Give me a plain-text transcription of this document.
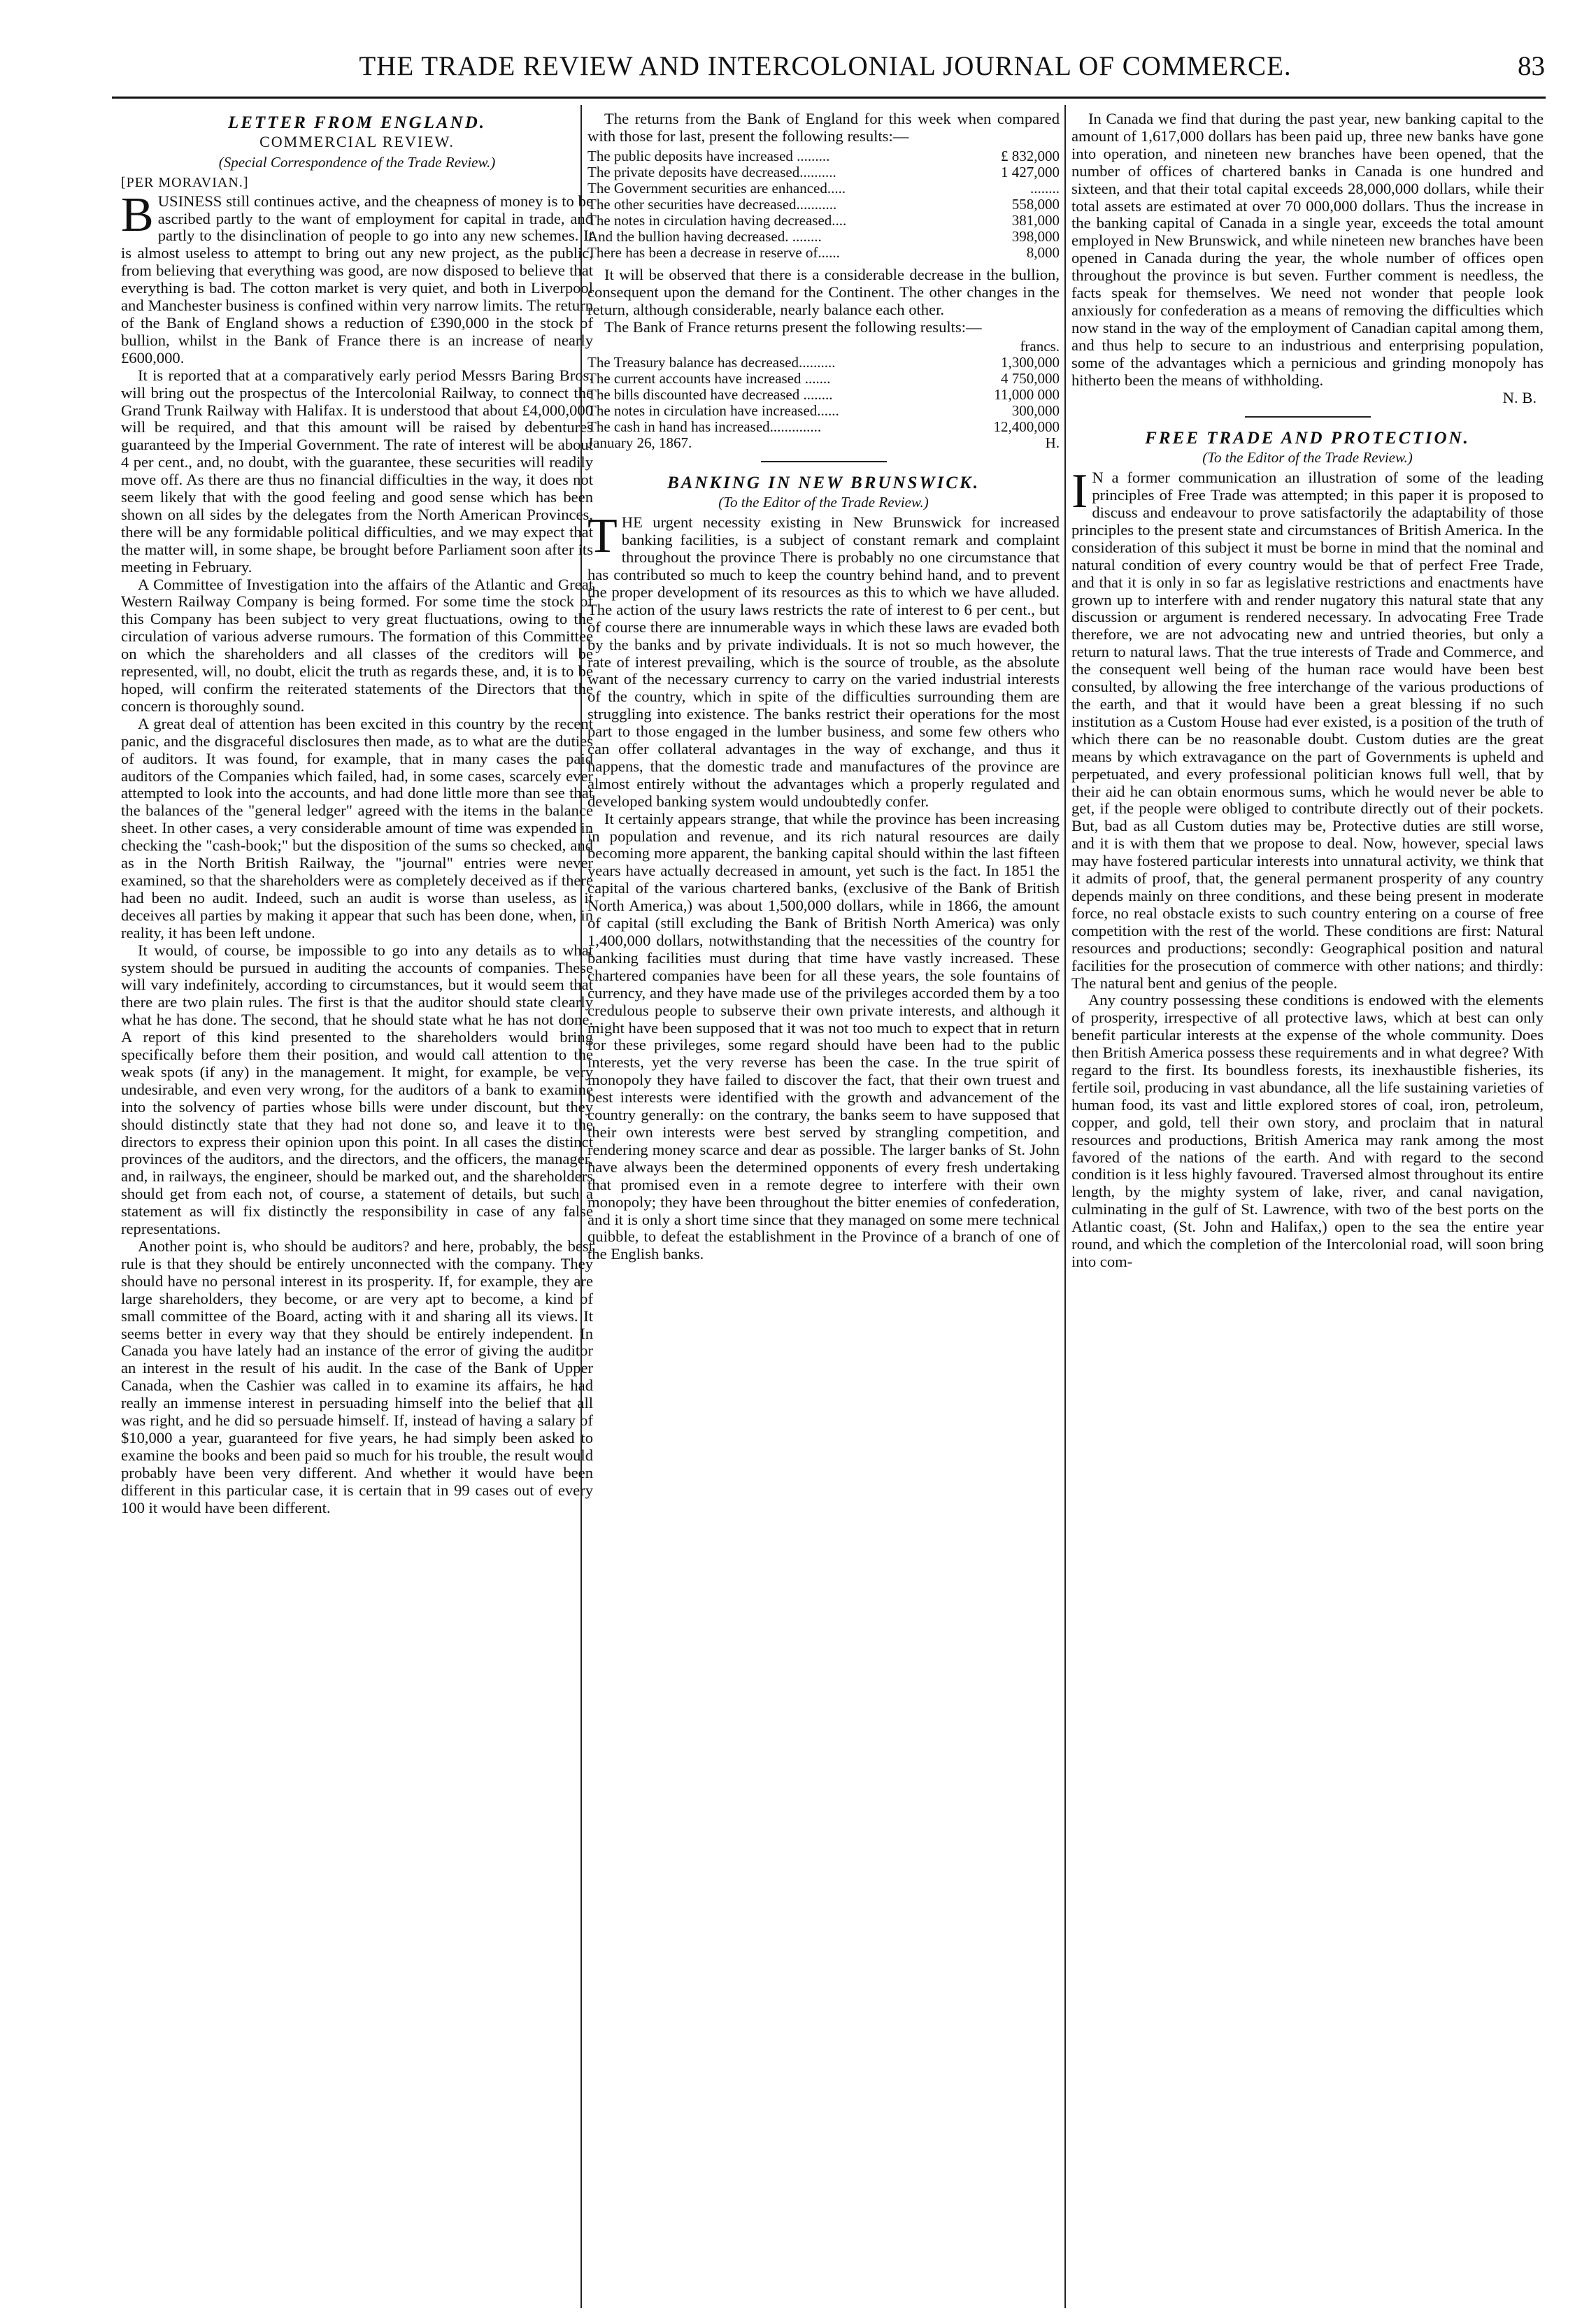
THE TRADE REVIEW AND INTERCOLONIAL JOURNAL OF COMMERCE.	83
LETTER FROM ENGLAND.
COMMERCIAL REVIEW.
(Special Correspondence of the Trade Review.)
[PER MORAVIAN.]

BUSINESS still continues active, and the cheapness of money is to be ascribed partly to the want of employment for capital in trade, and partly to the disinclination of people to go into any new schemes. It is almost useless to attempt to bring out any new project, as the public, from believing that everything was good, are now disposed to believe that everything is bad. The cotton market is very quiet, and both in Liverpool and Manchester business is confined within very narrow limits. The return of the Bank of England shows a reduction of £390,000 in the stock of bullion, whilst in the Bank of France there is an increase of nearly £600,000.

It is reported that at a comparatively early period Messrs Baring Bros. will bring out the prospectus of the Intercolonial Railway, to connect the Grand Trunk Railway with Halifax. It is understood that about £4,000,000 will be required, and that this amount will be raised by debentures guaranteed by the Imperial Government. The rate of interest will be about 4 per cent., and, no doubt, with the guarantee, these securities will readily move off. As there are thus no financial difficulties in the way, it does not seem likely that with the good feeling and good sense which has been shown on all sides by the delegates from the North American Provinces, there will be any formidable political difficulties, and we may expect that the matter will, in some shape, be brought before Parliament soon after its meeting in February.

A Committee of Investigation into the affairs of the Atlantic and Great Western Railway Company is being formed. For some time the stock of this Company has been subject to very great fluctuations, owing to the circulation of various adverse rumours. The formation of this Committee on which the shareholders and all classes of the creditors will be represented, will, no doubt, elicit the truth as regards these, and, it is to be hoped, will confirm the reiterated statements of the Directors that the concern is thoroughly sound.

A great deal of attention has been excited in this country by the recent panic, and the disgraceful disclosures then made, as to what are the duties of auditors. It was found, for example, that in many cases the paid auditors of the Companies which failed, had, in some cases, scarcely ever attempted to look into the accounts, and had done little more than see that the balances of the "general ledger" agreed with the items in the balance sheet. In other cases, a very considerable amount of time was expended in checking the "cash-book;" but the disposition of the sums so checked, and as in the North British Railway, the "journal" entries were never examined, so that the shareholders were as completely deceived as if there had been no audit. Indeed, such an audit is worse than useless, as it deceives all parties by making it appear that such has been done, when, in reality, it has been left undone.

It would, of course, be impossible to go into any details as to what system should be pursued in auditing the accounts of companies. These will vary indefinitely, according to circumstances, but it would seem that there are two plain rules. The first is that the auditor should state clearly what he has done. The second, that he should state what he has not done. A report of this kind presented to the shareholders would bring specifically before them their position, and would call attention to the weak spots (if any) in the management. It might, for example, be very undesirable, and even very wrong, for the auditors of a bank to examine into the solvency of parties whose bills were under discount, but they should distinctly state that they had not done so, and leave it to the directors to express their opinion upon this point. In all cases the distinct provinces of the auditors, and the directors, and the officers, the manager, and, in railways, the engineer, should be marked out, and the shareholders should get from each not, of course, a statement of details, but such a statement as will fix distinctly the responsibility in case of any false representations.

Another point is, who should be auditors? and here, probably, the best rule is that they should be entirely unconnected with the company. They should have no personal interest in its prosperity. If, for example, they are large shareholders, they become, or are very apt to become, a kind of small committee of the Board, acting with it and sharing all its views. It seems better in every way that they should be entirely independent. In Canada you have lately had an instance of the error of giving the auditor an interest in the result of his audit. In the case of the Bank of Upper Canada, when the Cashier was called in to examine its affairs, he had really an immense interest in persuading himself into the belief that all was right, and he did so persuade himself. If, instead of having a salary of $10,000 a year, guaranteed for five years, he had simply been asked to examine the books and been paid so much for his trouble, the result would probably have been very different. And whether it would have been different in this particular case, it is certain that in 99 cases out of every 100 it would have been different.

The returns from the Bank of England for this week when compared with those for last, present the following results:—

The public deposits have increased .........	£ 832,000
The private deposits have decreased..........	1 427,000
The Government securities are enhanced.....	........
The other securities have decreased...........	558,000
The notes in circulation having decreased....	381,000
And the bullion having decreased. ........	398,000
There has been a decrease in reserve of......	8,000

It will be observed that there is a considerable decrease in the bullion, consequent upon the demand for the Continent. The other changes in the return, although considerable, nearly balance each other.

The Bank of France returns present the following results:—

	francs.
The Treasury balance has decreased..........	1,300,000
The current accounts have increased .......	4 750,000
The bills discounted have decreased ........	11,000 000
The notes in circulation have increased......	300,000
The cash in hand has increased..............	12,400,000
January 26, 1867.	H.
BANKING IN NEW BRUNSWICK.
(To the Editor of the Trade Review.)

THE urgent necessity existing in New Brunswick for increased banking facilities, is a subject of constant remark and complaint throughout the province There is probably no one circumstance that has contributed so much to keep the country behind hand, and to prevent the proper development of its resources as this to which we have alluded. The action of the usury laws restricts the rate of interest to 6 per cent., but of course there are innumerable ways in which these laws are evaded both by the banks and by private individuals. It is not so much however, the rate of interest prevailing, which is the source of trouble, as the absolute want of the necessary currency to carry on the varied industrial interests of the country, which in spite of the difficulties surrounding them are struggling into existence. The banks restrict their operations for the most part to those engaged in the lumber business, and some few others who can offer collateral advantages in the way of exchange, and thus it happens, that the domestic trade and manufactures of the province are almost entirely without the advantages which a properly regulated and developed banking system would undoubtedly confer.

It certainly appears strange, that while the province has been increasing in population and revenue, and its rich natural resources are daily becoming more apparent, the banking capital should within the last fifteen years have actually decreased in amount, yet such is the fact. In 1851 the capital of the various chartered banks, (exclusive of the Bank of British North America,) was about 1,500,000 dollars, while in 1866, the amount of capital (still excluding the Bank of British North America) was only 1,400,000 dollars, notwithstanding that the necessities of the country for banking facilities must during that time have vastly increased. These chartered companies have been for all these years, the sole fountains of currency, and they have made use of the privileges accorded them by a too credulous people to subserve their own private interests, and although it might have been supposed that it was not too much to expect that in return for these privileges, some regard should have been had to the public interests, yet the very reverse has been the case. In the true spirit of monopoly they have failed to discover the fact, that their own truest and best interests were identified with the growth and advancement of the country generally: on the contrary, the banks seem to have supposed that their own interests were best served by strangling competition, and rendering money scarce and dear as possible. The larger banks of St. John have always been the determined opponents of every fresh undertaking that promised even in a remote degree to interfere with their own monopoly; they have been throughout the bitter enemies of confederation, and it is only a short time since that they managed on some mere technical quibble, to defeat the establishment in the Province of a branch of one of the English banks.

In Canada we find that during the past year, new banking capital to the amount of 1,617,000 dollars has been paid up, three new banks have gone into operation, and nineteen new branches have been opened, that the number of offices of chartered banks in Canada is one hundred and sixteen, and that their total capital exceeds 28,000,000 dollars, while their total assets are estimated at over 70 000,000 dollars. Thus the increase in the banking capital of Canada in a single year, exceeds the total amount employed in New Brunswick, and while nineteen new branches have been opened in Canada during the year, the whole number of offices open throughout the province is but seven. Further comment is needless, the facts speak for themselves. We need not wonder that people look anxiously for confederation as a means of removing the difficulties which now stand in the way of the employment of Canadian capital among them, and thus help to secure to an industrious and enterprising population, some of the advantages which a pernicious and grinding monopoly has hitherto been the means of withholding.

N. B.

FREE TRADE AND PROTECTION.
(To the Editor of the Trade Review.)

IN a former communication an illustration of some of the leading principles of Free Trade was attempted; in this paper it is proposed to discuss and endeavour to prove satisfactorily the adaptability of those principles to the present state and circumstances of British America. In the consideration of this subject it must be borne in mind that the nominal and natural condition of every country would be that of perfect Free Trade, and that it is only in so far as legislative restrictions and enactments have grown up to interfere with and render nugatory this natural state that any discussion or argument is rendered necessary. In advocating Free Trade therefore, we are not advocating new and untried theories, but only a return to natural laws. That the true interests of Trade and Commerce, and the consequent well being of the human race would have been best consulted, by allowing the free interchange of the various productions of the earth, and that it would have been a great blessing if no such institution as a Custom House had ever existed, is a position of the truth of which there can be no reasonable doubt. Custom duties are the great means by which extravagance on the part of Governments is upheld and perpetuated, and every professional politician knows full well, that by their aid he can obtain enormous sums, which he would never be able to get, if the people were obliged to contribute directly out of their pockets. But, bad as all Custom duties may be, Protective duties are still worse, and it is with them that we propose to deal. Now, however, special laws may have fostered particular interests into unnatural activity, we think that it admits of proof, that, the general permanent prosperity of any country depends mainly on three conditions, and these being present in moderate force, no real obstacle exists to such country entering on a course of free competition with the rest of the world. These conditions are first: Natural resources and productions; secondly: Geographical position and natural facilities for the prosecution of commerce with other nations; and thirdly: The natural bent and genius of the people.

Any country possessing these conditions is endowed with the elements of prosperity, irrespective of all protective laws, which at best can only benefit particular interests at the expense of the whole community. Does then British America possess these requirements and in what degree? With regard to the first. Its boundless forests, its inexhaustible fisheries, its fertile soil, producing in vast abundance, all the life sustaining varieties of human food, its vast and little explored stores of coal, iron, petroleum, copper, and gold, tell their own story, and proclaim that in natural resources and productions, British America may rank among the most favored of the nations of the earth. And with regard to the second condition is it less highly favoured. Traversed almost throughout its entire length, by the mighty system of lake, river, and canal navigation, culminating in the gulf of St. Lawrence, with two of the best ports on the Atlantic coast, (St. John and Halifax,) open to the sea the entire year round, and which the completion of the Intercolonial road, will soon bring into com-
